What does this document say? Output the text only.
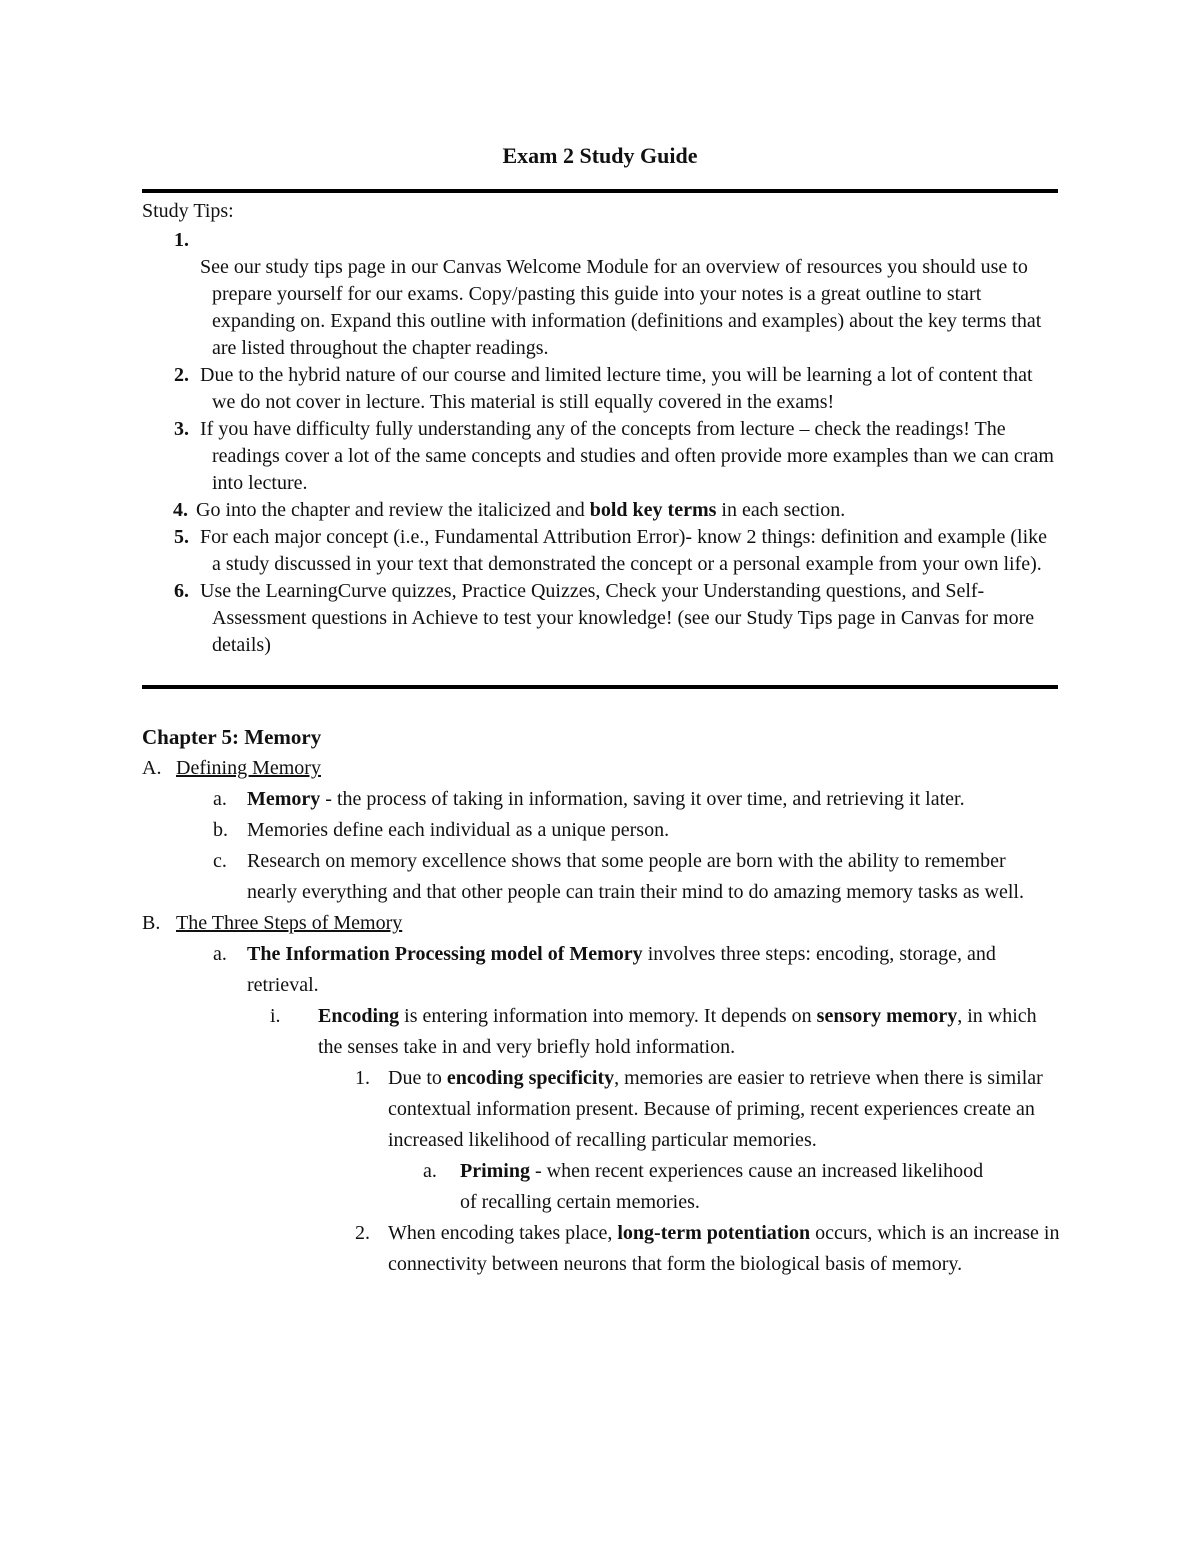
Exam 2 Study Guide
Study Tips:
1.
See our study tips page in our Canvas Welcome Module for an overview of resources you should use to prepare yourself for our exams. Copy/pasting this guide into your notes is a great outline to start expanding on. Expand this outline with information (definitions and examples) about the key terms that are listed throughout the chapter readings.
2. Due to the hybrid nature of our course and limited lecture time, you will be learning a lot of content that we do not cover in lecture. This material is still equally covered in the exams!
3. If you have difficulty fully understanding any of the concepts from lecture – check the readings! The readings cover a lot of the same concepts and studies and often provide more examples than we can cram into lecture.
4. Go into the chapter and review the italicized and bold key terms in each section.
5. For each major concept (i.e., Fundamental Attribution Error)- know 2 things: definition and example (like a study discussed in your text that demonstrated the concept or a personal example from your own life).
6. Use the LearningCurve quizzes, Practice Quizzes, Check your Understanding questions, and Self-Assessment questions in Achieve to test your knowledge! (see our Study Tips page in Canvas for more details)
Chapter 5: Memory
A. Defining Memory
a. Memory - the process of taking in information, saving it over time, and retrieving it later.
b. Memories define each individual as a unique person.
c. Research on memory excellence shows that some people are born with the ability to remember nearly everything and that other people can train their mind to do amazing memory tasks as well.
B. The Three Steps of Memory
a. The Information Processing model of Memory involves three steps: encoding, storage, and retrieval.
i. Encoding is entering information into memory. It depends on sensory memory, in which the senses take in and very briefly hold information.
1. Due to encoding specificity, memories are easier to retrieve when there is similar contextual information present. Because of priming, recent experiences create an increased likelihood of recalling particular memories.
a. Priming - when recent experiences cause an increased likelihood of recalling certain memories.
2. When encoding takes place, long-term potentiation occurs, which is an increase in connectivity between neurons that form the biological basis of memory.
